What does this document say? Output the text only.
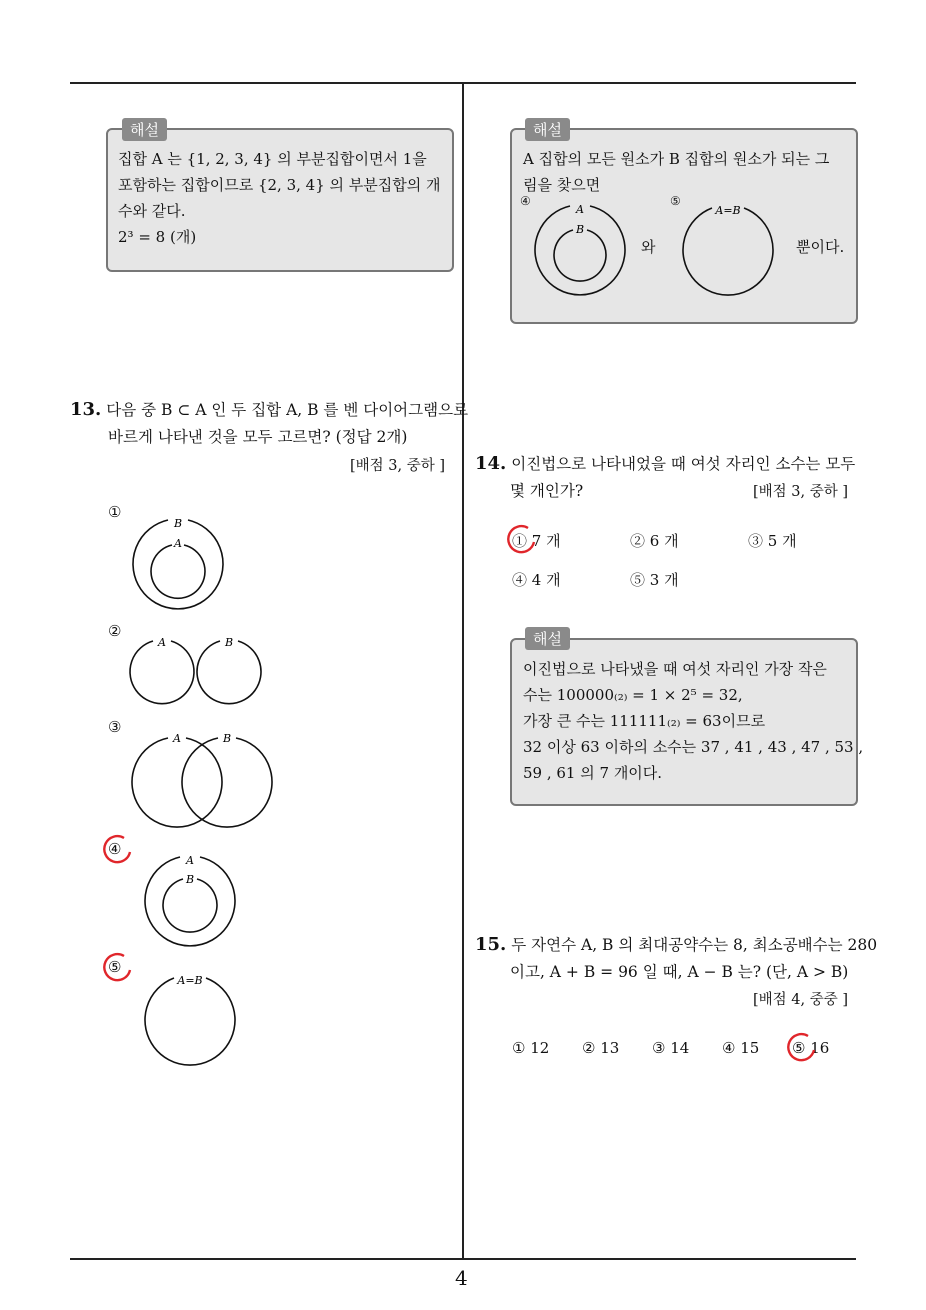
4
해설
집합 A 는 {1, 2, 3, 4} 의 부분집합이면서 1을
포함하는 집합이므로 {2, 3, 4} 의 부분집합의 개
수와 같다.
2³ = 8 (개)
13. 다음 중 B ⊂ A 인 두 집합 A, B 를 벤 다이어그램으로
바르게 나타낸 것을 모두 고르면? (정답 2개)
[배점 3, 중하 ]
①
B
A
②
A	B
③
A	B
④
A
B
⑤
A=B
해설
A 집합의 모든 원소가 B 집합의 원소가 되는 그
림을 찾으면
④
A
B
와
⑤
A=B
뿐이다.
14. 이진법으로 나타내었을 때 여섯 자리인 소수는 모두
몇 개인가?	[배점 3, 중하 ]
① 7 개	② 6 개	③ 5 개
④ 4 개	⑤ 3 개
해설
이진법으로 나타냈을 때 여섯 자리인 가장 작은
수는 100000₍₂₎ = 1 × 2⁵ = 32,
가장 큰 수는 111111₍₂₎ = 63이므로
32 이상 63 이하의 소수는 37 , 41 , 43 , 47 , 53 ,
59 , 61 의 7 개이다.
15. 두 자연수 A, B 의 최대공약수는 8, 최소공배수는 280
이고, A + B = 96 일 때, A − B 는? (단, A > B)
[배점 4, 중중 ]
① 12 ② 13 ③ 14 ④ 15 ⑤ 16
